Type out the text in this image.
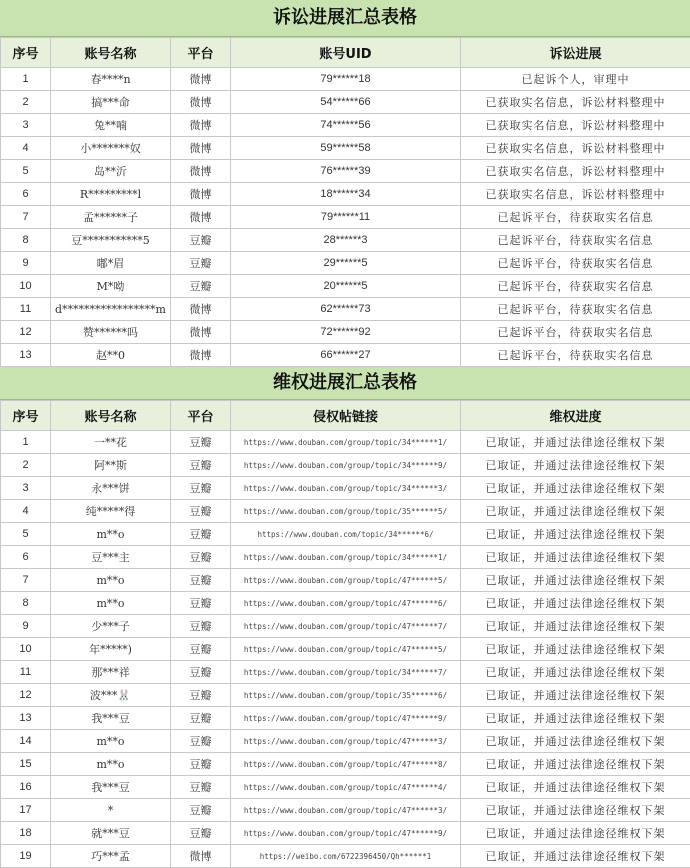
诉讼进展汇总表格
序号	账号名称	平台	账号UID	诉讼进展
1	春****n	微博	79******18	已起诉个人，审理中
2	搞***命	微博	54******66	已获取实名信息，诉讼材料整理中
3	兔**喃	微博	74******56	已获取实名信息，诉讼材料整理中
4	小*******奴	微博	59******58	已获取实名信息，诉讼材料整理中
5	岛**沂	微博	76******39	已获取实名信息，诉讼材料整理中
6	R*********l	微博	18******34	已获取实名信息，诉讼材料整理中
7	孟******子	微博	79******11	已起诉平台，待获取实名信息
8	豆***********5	豆瓣	28******3	已起诉平台，待获取实名信息
9	嘟*眉	豆瓣	29******5	已起诉平台，待获取实名信息
10	M*呦	豆瓣	20******5	已起诉平台，待获取实名信息
11	d*****************m	微博	62******73	已起诉平台，待获取实名信息
12	赞******吗	微博	72******92	已起诉平台，待获取实名信息
13	赵**0	微博	66******27	已起诉平台，待获取实名信息
维权进展汇总表格
序号	账号名称	平台	侵权帖链接	维权进度
1	一**花	豆瓣	https://www.douban.com/group/topic/34******1/	已取证，并通过法律途径维权下架
2	阿**斯	豆瓣	https://www.douban.com/group/topic/34******9/	已取证，并通过法律途径维权下架
3	永***饼	豆瓣	https://www.douban.com/group/topic/34******3/	已取证，并通过法律途径维权下架
4	纯*****得	豆瓣	https://www.douban.com/group/topic/35******5/	已取证，并通过法律途径维权下架
5	m**o	豆瓣	https://www.douban.com/topic/34******6/	已取证，并通过法律途径维权下架
6	豆***主	豆瓣	https://www.douban.com/group/topic/34******1/	已取证，并通过法律途径维权下架
7	m**o	豆瓣	https://www.douban.com/group/topic/47******5/	已取证，并通过法律途径维权下架
8	m**o	豆瓣	https://www.douban.com/group/topic/47******6/	已取证，并通过法律途径维权下架
9	少***子	豆瓣	https://www.douban.com/group/topic/47******7/	已取证，并通过法律途径维权下架
10	年*****)	豆瓣	https://www.douban.com/group/topic/47******5/	已取证，并通过法律途径维权下架
11	那***祥	豆瓣	https://www.douban.com/group/topic/34******7/	已取证，并通过法律途径维权下架
12	波***🐰	豆瓣	https://www.douban.com/group/topic/35******6/	已取证，并通过法律途径维权下架
13	我***豆	豆瓣	https://www.douban.com/group/topic/47******9/	已取证，并通过法律途径维权下架
14	m**o	豆瓣	https://www.douban.com/group/topic/47******3/	已取证，并通过法律途径维权下架
15	m**o	豆瓣	https://www.douban.com/group/topic/47******8/	已取证，并通过法律途径维权下架
16	我***豆	豆瓣	https://www.douban.com/group/topic/47******4/	已取证，并通过法律途径维权下架
17	*	豆瓣	https://www.douban.com/group/topic/47******3/	已取证，并通过法律途径维权下架
18	就***豆	豆瓣	https://www.douban.com/group/topic/47******9/	已取证，并通过法律途径维权下架
19	巧***孟	微博	https://weibo.com/6722396450/Qh******1	已取证，并通过法律途径维权下架
